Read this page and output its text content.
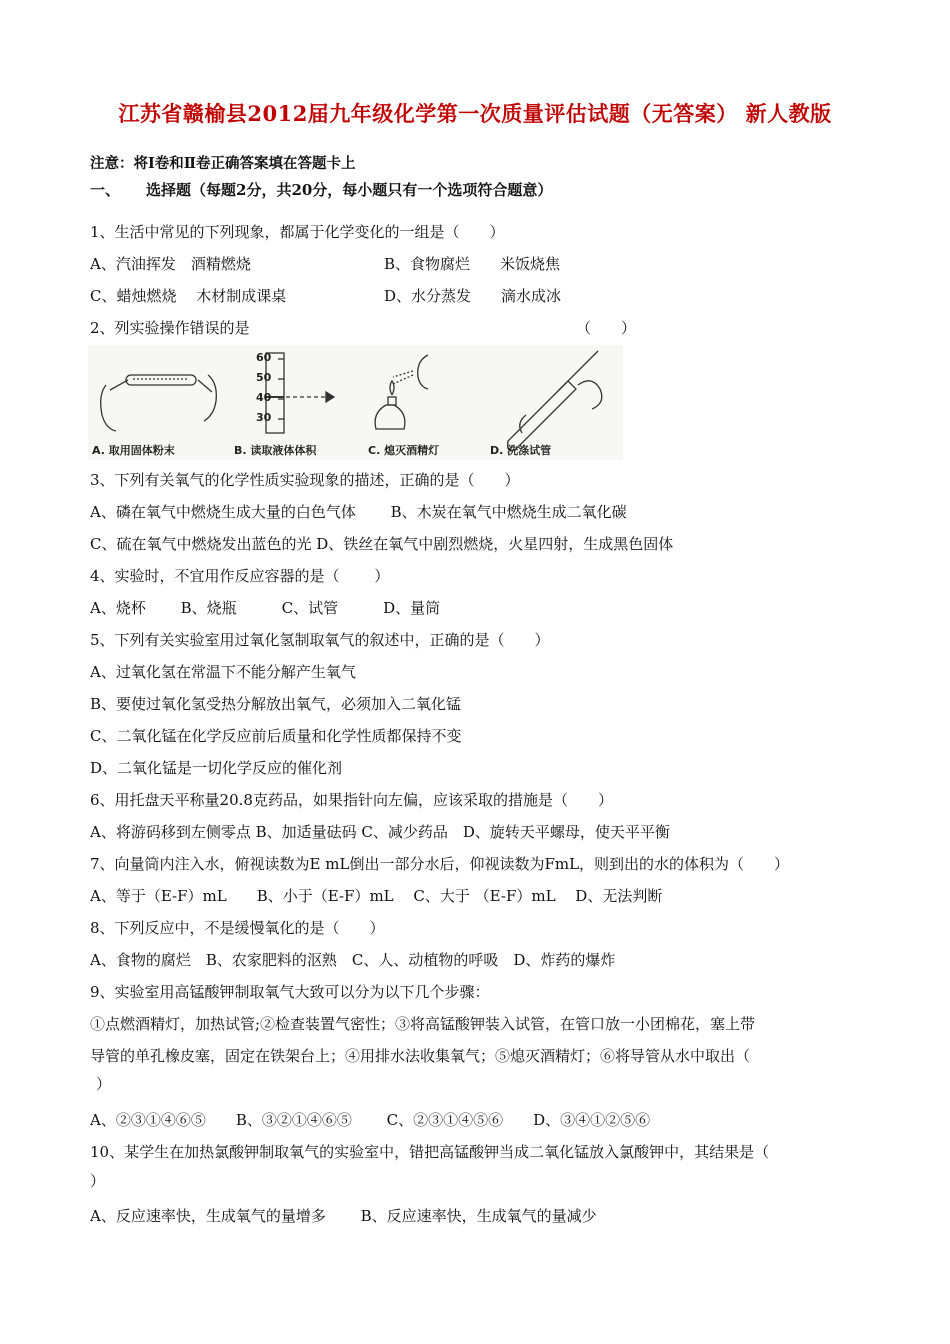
江苏省赣榆县2012届九年级化学第一次质量评估试题（无答案） 新人教版
注意：将Ⅰ卷和Ⅱ卷正确答案填在答题卡上
一、 选择题（每题2分，共20分，每小题只有一个选项符合题意）
1、生活中常见的下列现象，都属于化学变化的一组是（　　）
A、汽油挥发　酒精燃烧	B、食物腐烂　　米饭烧焦
C、蜡烛燃烧　 木材制成课桌	D、水分蒸发　　滴水成冰
2、列实验操作错误的是	（　　）
60
50
40
30
A. 取用固体粉末	B. 读取液体体积	C. 熄灭酒精灯	D. 洗涤试管
3、下列有关氧气的化学性质实验现象的描述，正确的是（　　）
A、磷在氧气中燃烧生成大量的白色气体　　 B、木炭在氧气中燃烧生成二氧化碳
C、硫在氧气中燃烧发出蓝色的光 D、铁丝在氧气中剧烈燃烧，火星四射，生成黑色固体
4、实验时，不宜用作反应容器的是（　　 ）
A、烧杯　　 B、烧瓶　　　C、试管　　　D、量筒
5、下列有关实验室用过氧化氢制取氧气的叙述中，正确的是（　　）
A、过氧化氢在常温下不能分解产生氧气
B、要使过氧化氢受热分解放出氧气，必须加入二氧化锰
C、二氧化锰在化学反应前后质量和化学性质都保持不变
D、二氧化锰是一切化学反应的催化剂
6、用托盘天平称量20.8克药品，如果指针向左偏，应该采取的措施是（　　）
A、将游码移到左侧零点 B、加适量砝码 C、减少药品　D、旋转天平螺母，使天平平衡
7、向量筒内注入水，俯视读数为E mL倒出一部分水后，仰视读数为FmL，则到出的水的体积为（　　）
A、等于（E-F）mL　　B、小于（E-F）mL　 C、大于 （E-F）mL　 D、无法判断
8、下列反应中，不是缓慢氧化的是（　　）
A、食物的腐烂　B、农家肥料的沤熟　C、人、动植物的呼吸　D、炸药的爆炸
9、实验室用高锰酸钾制取氧气大致可以分为以下几个步骤：
①点燃酒精灯，加热试管;②检查装置气密性；③将高锰酸钾装入试管，在管口放一小团棉花，塞上带
导管的单孔橡皮塞，固定在铁架台上；④用排水法收集氧气；⑤熄灭酒精灯；⑥将导管从水中取出（
）
A、②③①④⑥⑤　　B、③②①④⑥⑤　　 C、②③①④⑤⑥　　D、③④①②⑤⑥
10、某学生在加热氯酸钾制取氧气的实验室中，错把高锰酸钾当成二氧化锰放入氯酸钾中，其结果是（
）
A、反应速率快，生成氧气的量增多　　 B、反应速率快，生成氧气的量减少
